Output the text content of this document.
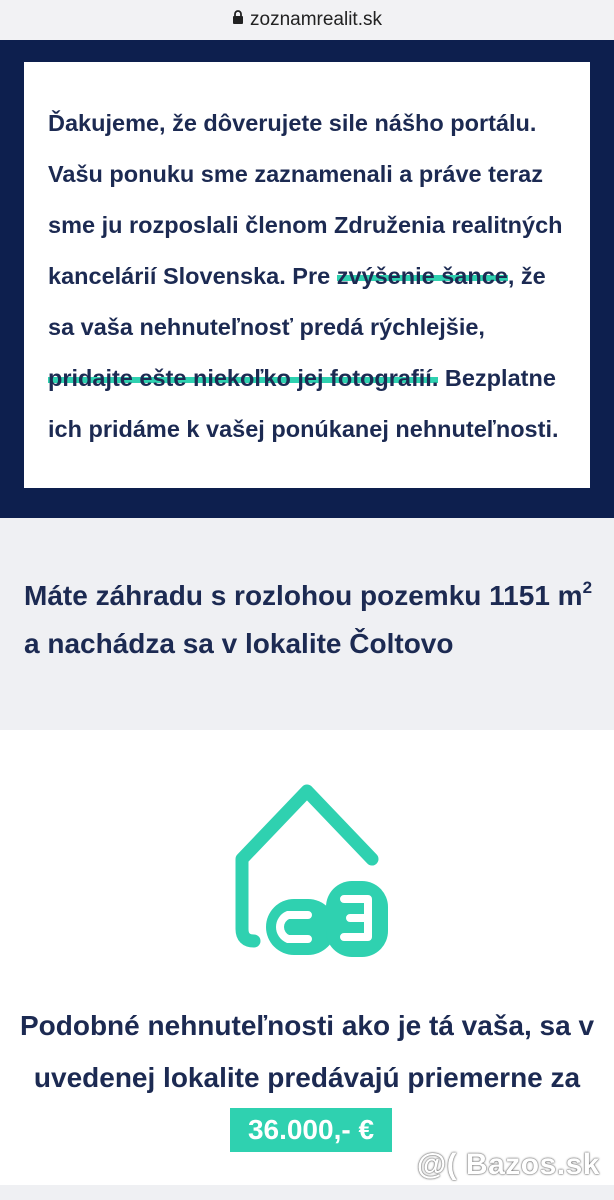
zoznamrealit.sk

Ďakujeme, že dôverujete sile nášho portálu. Vašu ponuku sme zaznamenali a práve teraz sme ju rozposlali členom Združenia realitných kancelárií Slovenska. Pre zvýšenie šance, že sa vaša nehnuteľnosť predá rýchlejšie, pridajte ešte niekoľko jej fotografií. Bezplatne ich pridáme k vašej ponúkanej nehnuteľnosti.

Máte záhradu s rozlohou pozemku 1151 $m^2$ a nachádza sa v lokalite Čoltovo

Podobné nehnuteľnosti ako je tá vaša, sa v uvedenej lokalite predávajú priemerne za36.000,- €

@( Bazos.sk
